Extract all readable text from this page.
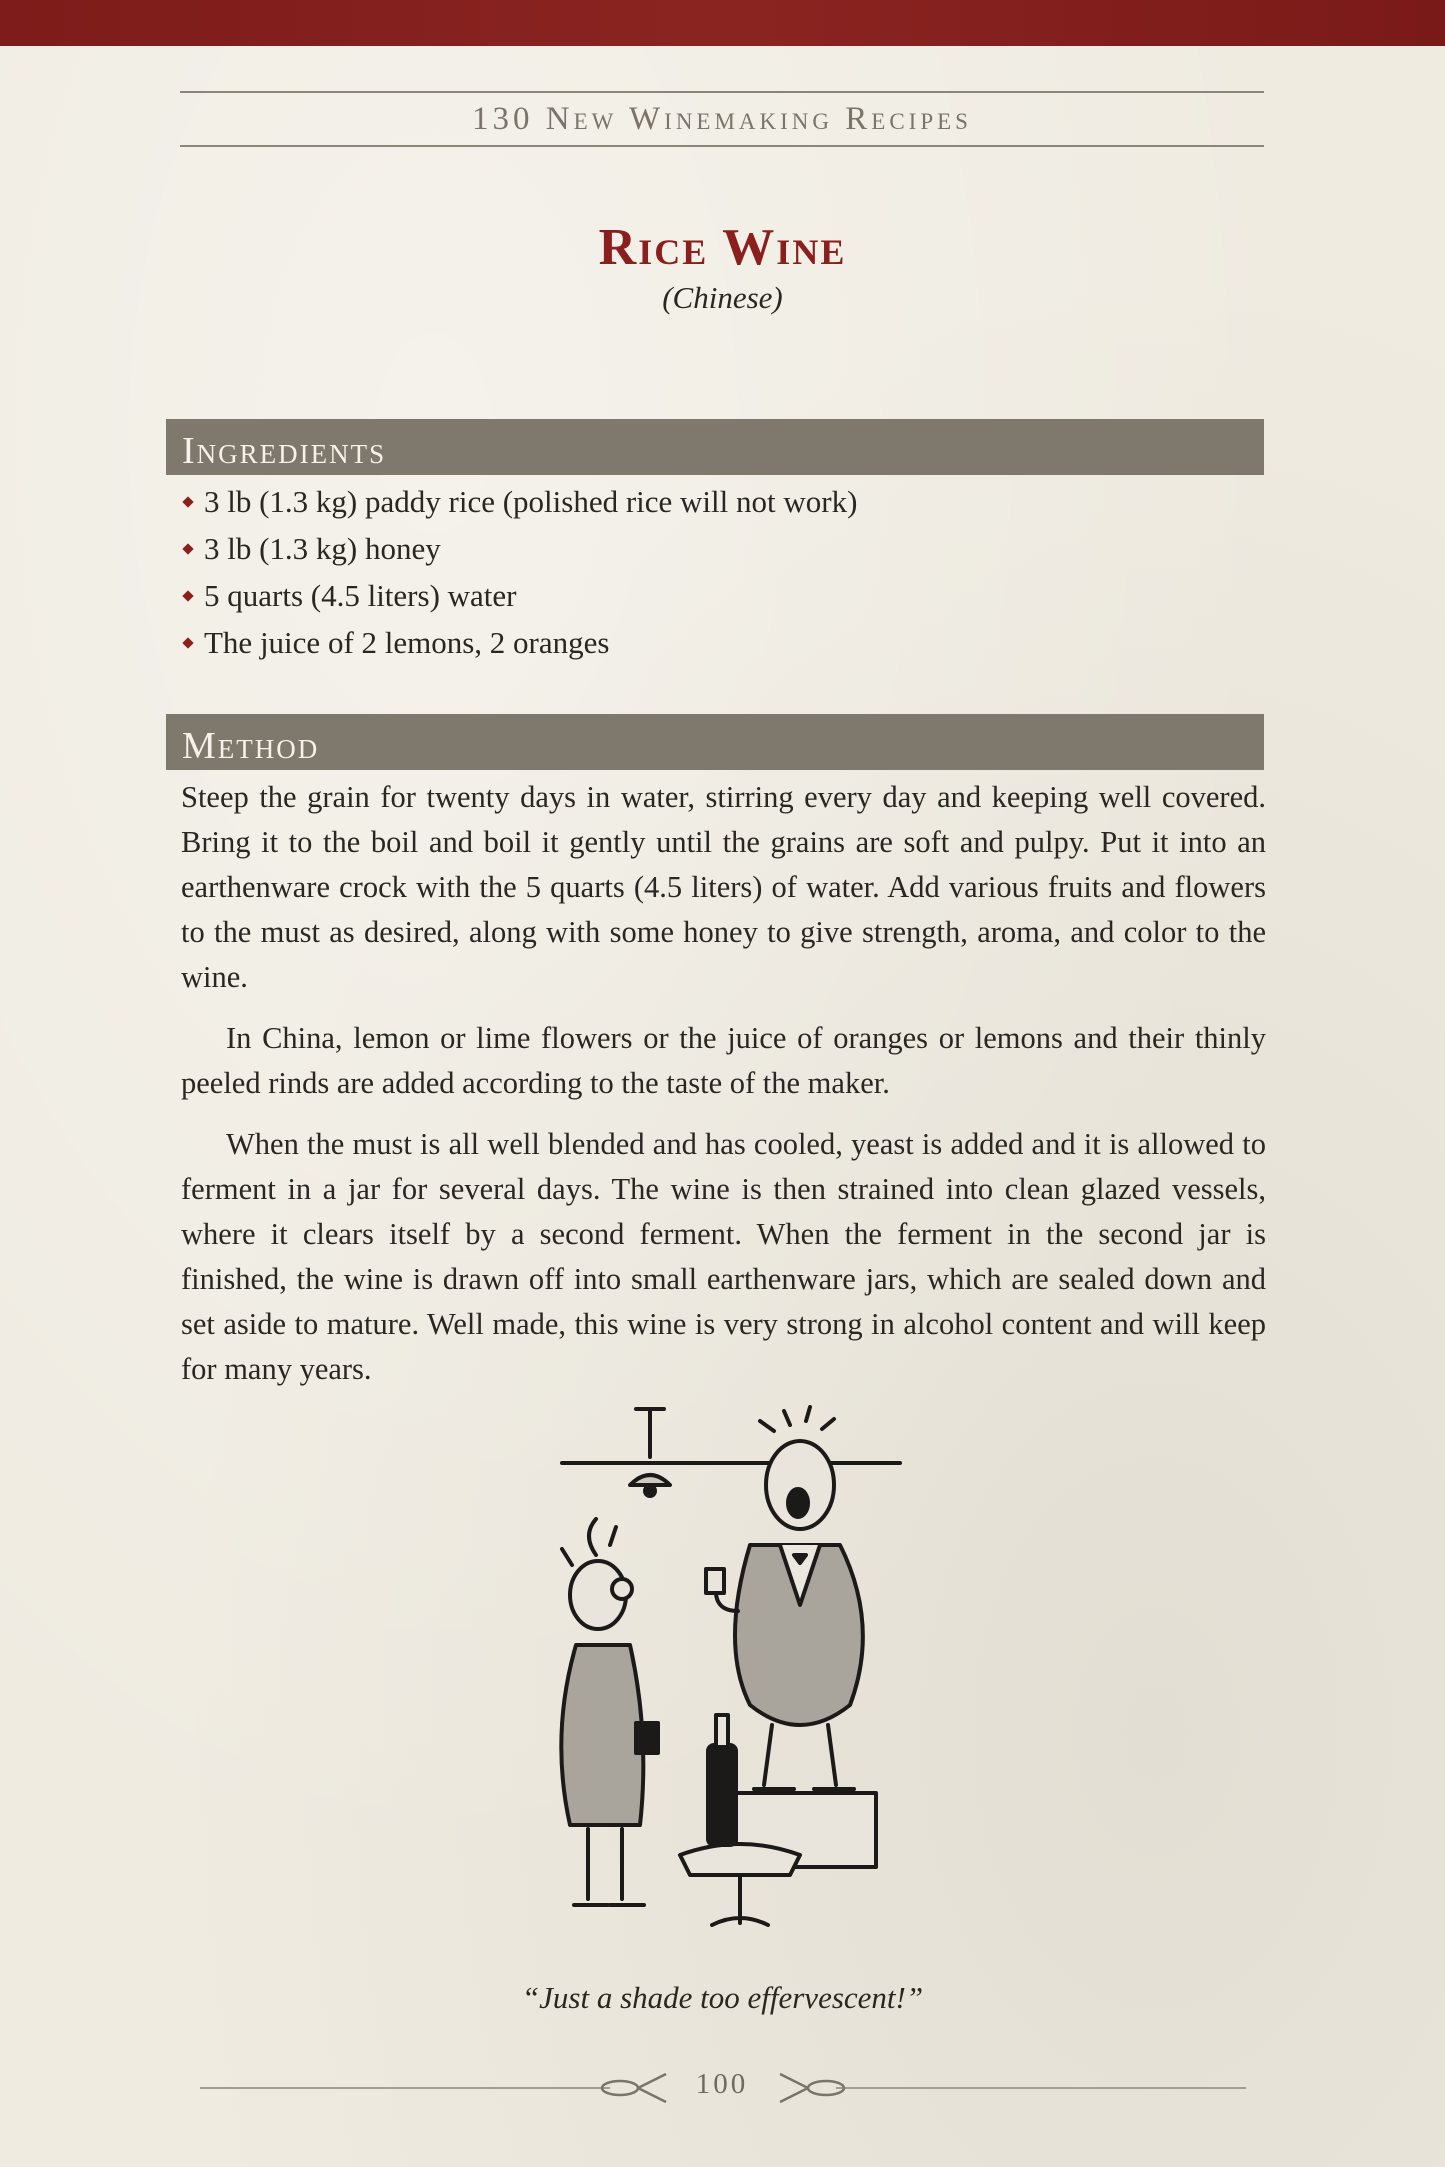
130 New Winemaking Recipes
Rice Wine
(Chinese)
Ingredients
3 lb (1.3 kg) paddy rice (polished rice will not work)
3 lb (1.3 kg) honey
5 quarts (4.5 liters) water
The juice of 2 lemons, 2 oranges
Method

Steep the grain for twenty days in water, stirring every day and keeping well covered. Bring it to the boil and boil it gently until the grains are soft and pulpy. Put it into an earthenware crock with the 5 quarts (4.5 liters) of water. Add various fruits and flowers to the must as desired, along with some honey to give strength, aroma, and color to the wine.

In China, lemon or lime flowers or the juice of oranges or lemons and their thinly peeled rinds are added according to the taste of the maker.

When the must is all well blended and has cooled, yeast is added and it is allowed to ferment in a jar for several days. The wine is then strained into clean glazed vessels, where it clears itself by a second ferment. When the ferment in the second jar is finished, the wine is drawn off into small earthenware jars, which are sealed down and set aside to mature. Well made, this wine is very strong in alcohol content and will keep for many years.

“Just a shade too effervescent!”
100
